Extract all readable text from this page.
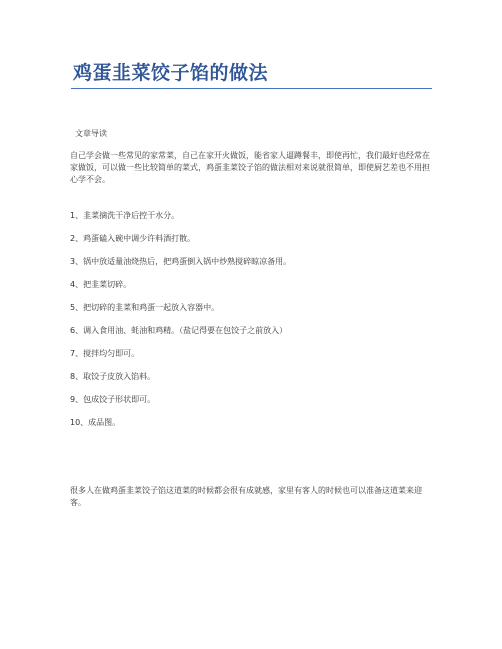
鸡蛋韭菜饺子馅的做法
文章导读

自己学会做一些常见的家常菜，自己在家开火做饭，能省家人逼蹲餐丰，即使再忙，我们最好也经常在家做饭，可以做一些比较简单的菜式，鸡蛋韭菜饺子馅的做法相对来说就很简单，即使厨艺差也不用担心学不会。

1、韭菜摘洗干净后控干水分。
2、鸡蛋磕入碗中调少许料酒打散。
3、锅中放适量油烧热后，把鸡蛋倒入锅中炒熟搅碎晾凉备用。
4、把韭菜切碎。
5、把切碎的韭菜和鸡蛋一起放入容器中。
6、调入食用油、蚝油和鸡精。（盐记得要在包饺子之前放入）
7、搅拌均匀即可。
8、取饺子皮放入馅料。
9、包成饺子形状即可。
10、成品图。

很多人在做鸡蛋韭菜饺子馅这道菜的时候都会很有成就感，家里有客人的时候也可以准备这道菜来迎客。
